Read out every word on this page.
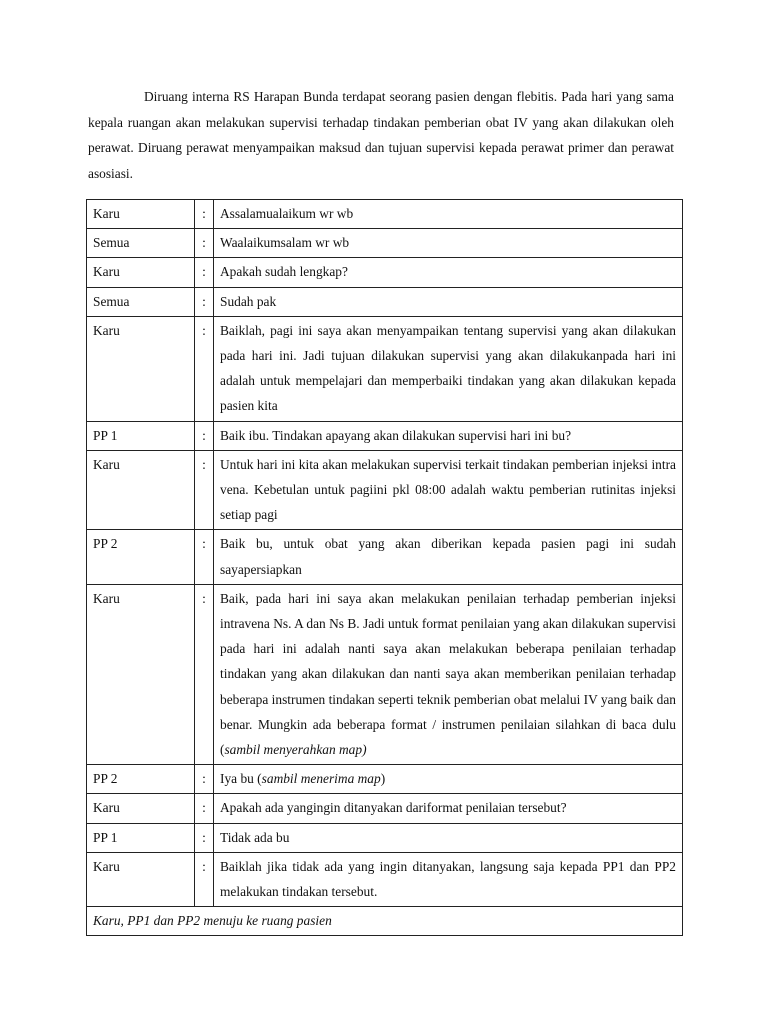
Diruang interna RS Harapan Bunda terdapat seorang pasien dengan flebitis. Pada hari yang sama kepala ruangan akan melakukan supervisi terhadap tindakan pemberian obat IV yang akan dilakukan oleh perawat. Diruang perawat menyampaikan maksud dan tujuan supervisi kepada perawat primer dan perawat asosiasi.

Karu	:	Assalamualaikum wr wb
Semua	:	Waalaikumsalam wr wb
Karu	:	Apakah sudah lengkap?
Semua	:	Sudah pak
Karu	:	Baiklah, pagi ini saya akan menyampaikan tentang supervisi yang akan dilakukan pada hari ini. Jadi tujuan dilakukan supervisi yang akan dilakukanpada hari ini adalah untuk mempelajari dan memperbaiki tindakan yang akan dilakukan kepada pasien kita
PP 1	:	Baik ibu. Tindakan apayang akan dilakukan supervisi hari ini bu?
Karu	:	Untuk hari ini kita akan melakukan supervisi terkait tindakan pemberian injeksi intra vena. Kebetulan untuk pagiini pkl 08:00 adalah waktu pemberian rutinitas injeksi setiap pagi
PP 2	:	Baik bu, untuk obat yang akan diberikan kepada pasien pagi ini sudah sayapersiapkan
Karu	:	Baik, pada hari ini saya akan melakukan penilaian terhadap pemberian injeksi intravena Ns. A dan Ns B. Jadi untuk format penilaian yang akan dilakukan supervisi pada hari ini adalah nanti saya akan melakukan beberapa penilaian terhadap tindakan yang akan dilakukan dan nanti saya akan memberikan penilaian terhadap beberapa instrumen tindakan seperti teknik pemberian obat melalui IV yang baik dan benar. Mungkin ada beberapa format / instrumen penilaian silahkan di baca dulu (sambil menyerahkan map)
PP 2	:	Iya bu (sambil menerima map)
Karu	:	Apakah ada yangingin ditanyakan dariformat penilaian tersebut?
PP 1	:	Tidak ada bu
Karu	:	Baiklah jika tidak ada yang ingin ditanyakan, langsung saja kepada PP1 dan PP2 melakukan tindakan tersebut.
Karu, PP1 dan PP2 menuju ke ruang pasien		
